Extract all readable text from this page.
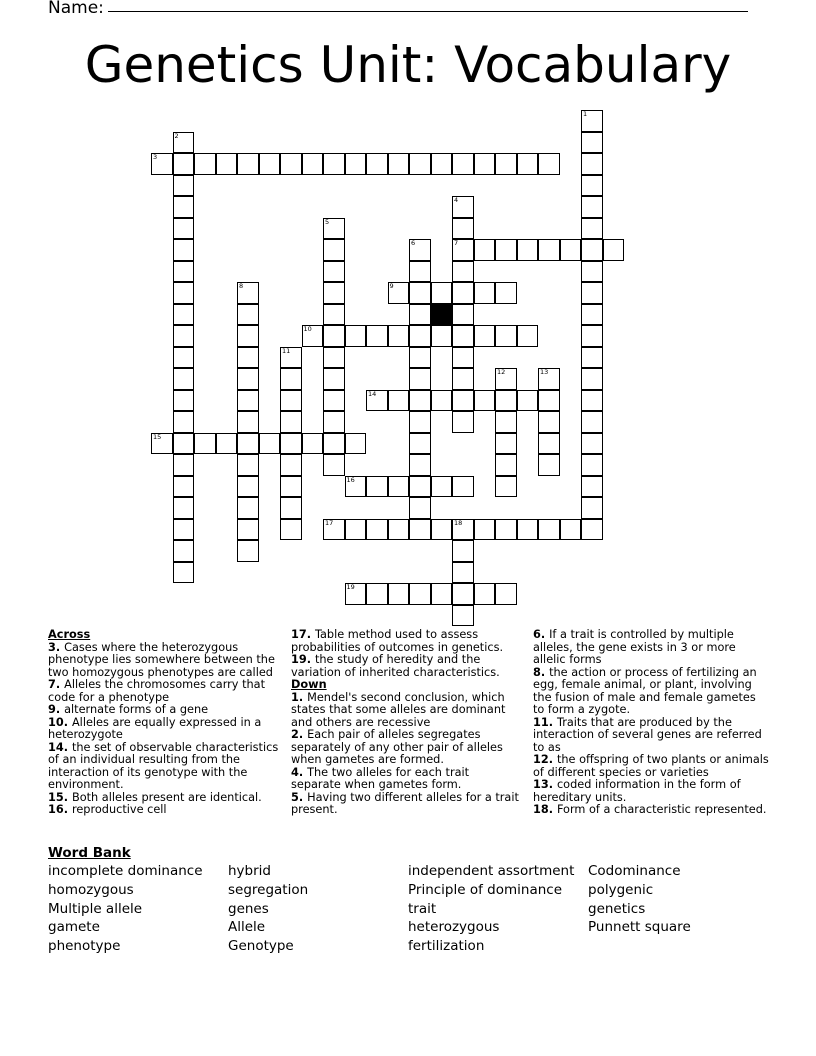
Name:
Genetics Unit: Vocabulary
3
7
9
10
14
15
16
17	18
19
1
2
4
5
6
8
11
12	13
Across
3. Cases where the heterozygous phenotype lies somewhere between the two homozygous phenotypes are called
7. Alleles the chromosomes carry that code for a phenotype
9. alternate forms of a gene
10. Alleles are equally expressed in a heterozygote
14. the set of observable characteristics of an individual resulting from the interaction of its genotype with the environment.
15. Both alleles present are identical.
16. reproductive cell
17. Table method used to assess probabilities of outcomes in genetics.
19. the study of heredity and the variation of inherited characteristics.
Down
1. Mendel's second conclusion, which states that some alleles are dominant and others are recessive
2. Each pair of alleles segregates separately of any other pair of alleles when gametes are formed.
4. The two alleles for each trait separate when gametes form.
5. Having two different alleles for a trait present.
6. If a trait is controlled by multiple alleles, the gene exists in 3 or more allelic forms
8. the action or process of fertilizing an egg, female animal, or plant, involving the fusion of male and female gametes to form a zygote.
11. Traits that are produced by the interaction of several genes are referred to as
12. the offspring of two plants or animals of different species or varieties
13. coded information in the form of hereditary units.
18. Form of a characteristic represented.
Word Bank
incomplete dominance	hybrid	independent assortment	Codominance
homozygous	segregation	Principle of dominance	polygenic
Multiple allele	genes	trait	genetics
gamete	Allele	heterozygous	Punnett square
phenotype	Genotype	fertilization
